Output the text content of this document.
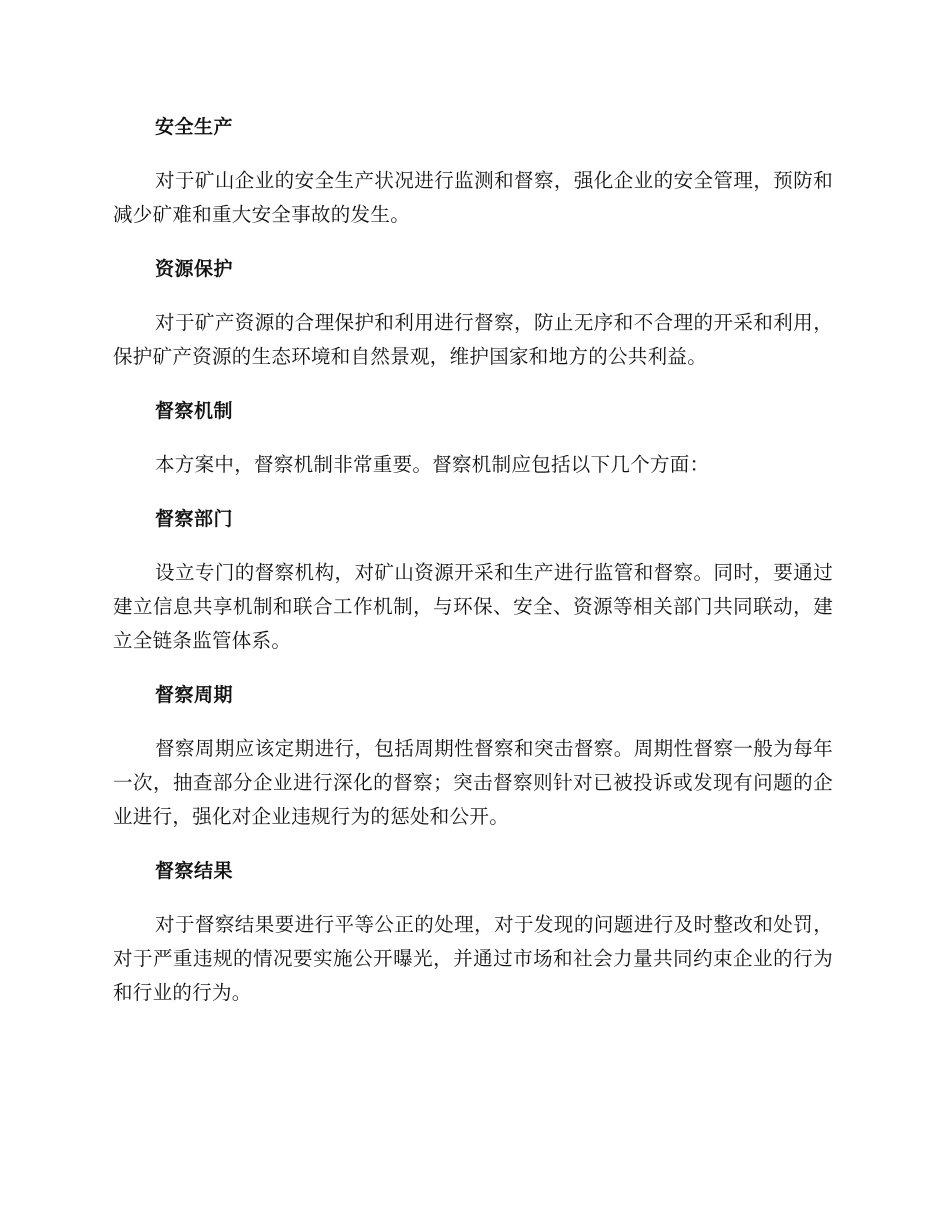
安全生产

对于矿山企业的安全生产状况进行监测和督察，强化企业的安全管理，预防和减少矿难和重大安全事故的发生。

资源保护

对于矿产资源的合理保护和利用进行督察，防止无序和不合理的开采和利用，保护矿产资源的生态环境和自然景观，维护国家和地方的公共利益。

督察机制

本方案中，督察机制非常重要。督察机制应包括以下几个方面：

督察部门

设立专门的督察机构，对矿山资源开采和生产进行监管和督察。同时，要通过建立信息共享机制和联合工作机制，与环保、安全、资源等相关部门共同联动，建立全链条监管体系。

督察周期

督察周期应该定期进行，包括周期性督察和突击督察。周期性督察一般为每年一次，抽查部分企业进行深化的督察；突击督察则针对已被投诉或发现有问题的企业进行，强化对企业违规行为的惩处和公开。

督察结果

对于督察结果要进行平等公正的处理，对于发现的问题进行及时整改和处罚，对于严重违规的情况要实施公开曝光，并通过市场和社会力量共同约束企业的行为和行业的行为。
